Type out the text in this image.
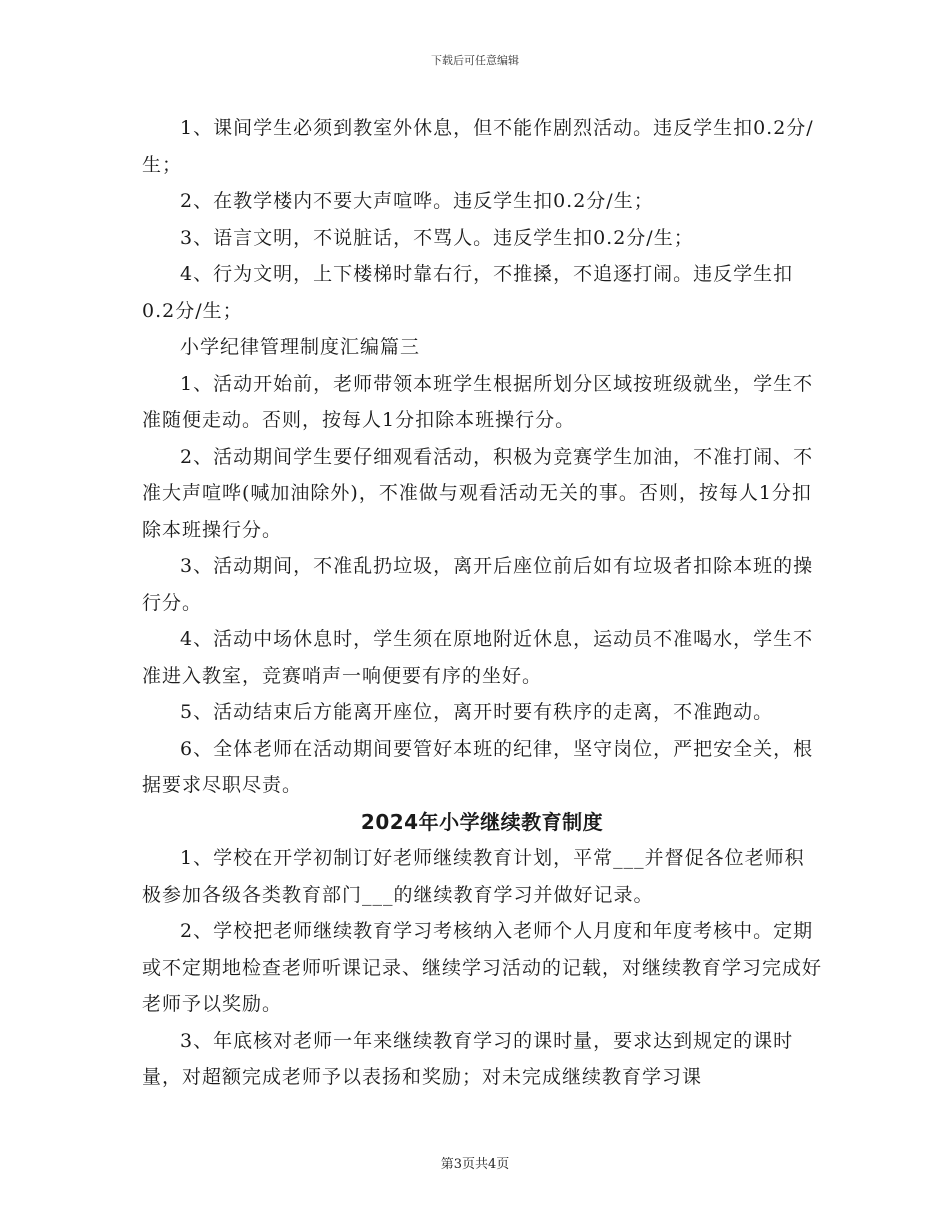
下载后可任意编辑

1、课间学生必须到教室外休息，但不能作剧烈活动。违反学生扣0.2分/生；

2、在教学楼内不要大声喧哗。违反学生扣0.2分/生；

3、语言文明，不说脏话，不骂人。违反学生扣0.2分/生；

4、行为文明，上下楼梯时靠右行，不推搡，不追逐打闹。违反学生扣0.2分/生；

小学纪律管理制度汇编篇三

1、活动开始前，老师带领本班学生根据所划分区域按班级就坐，学生不准随便走动。否则，按每人1分扣除本班操行分。

2、活动期间学生要仔细观看活动，积极为竞赛学生加油，不准打闹、不准大声喧哗(喊加油除外)，不准做与观看活动无关的事。否则，按每人1分扣除本班操行分。

3、活动期间，不准乱扔垃圾，离开后座位前后如有垃圾者扣除本班的操行分。

4、活动中场休息时，学生须在原地附近休息，运动员不准喝水，学生不准进入教室，竞赛哨声一响便要有序的坐好。

5、活动结束后方能离开座位，离开时要有秩序的走离，不准跑动。

6、全体老师在活动期间要管好本班的纪律，坚守岗位，严把安全关，根据要求尽职尽责。

2024年小学继续教育制度

1、学校在开学初制订好老师继续教育计划，平常___并督促各位老师积极参加各级各类教育部门___的继续教育学习并做好记录。

2、学校把老师继续教育学习考核纳入老师个人月度和年度考核中。定期或不定期地检查老师听课记录、继续学习活动的记载，对继续教育学习完成好老师予以奖励。

3、年底核对老师一年来继续教育学习的课时量，要求达到规定的课时量，对超额完成老师予以表扬和奖励；对未完成继续教育学习课

第3页共4页
